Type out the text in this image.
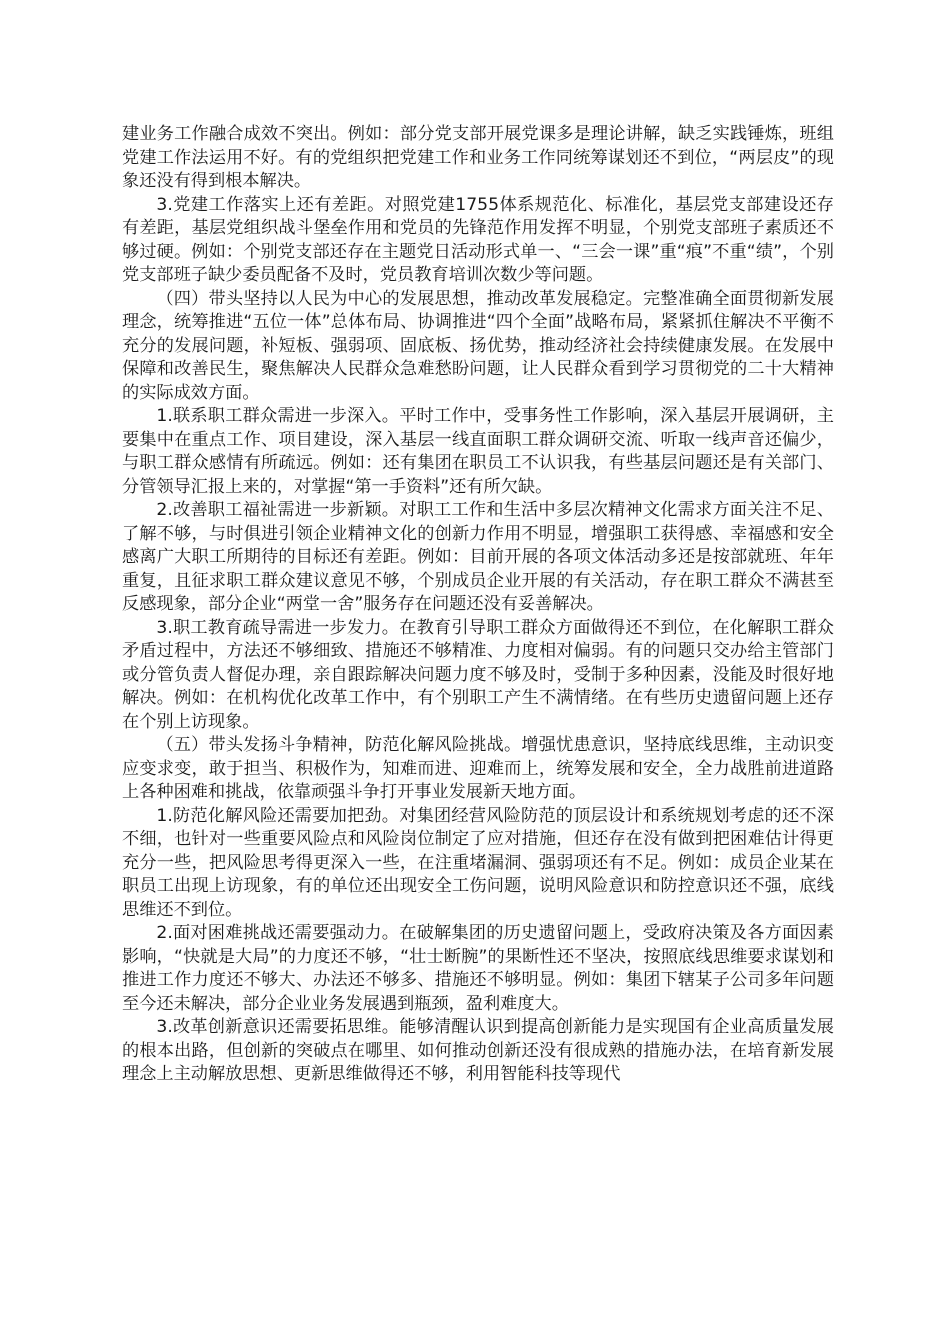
建业务工作融合成效不突出。例如：部分党支部开展党课多是理论讲解，缺乏实践锤炼，班组党建工作法运用不好。有的党组织把党建工作和业务工作同统筹谋划还不到位，“两层皮”的现象还没有得到根本解决。

3.党建工作落实上还有差距。对照党建1755体系规范化、标准化，基层党支部建设还存有差距，基层党组织战斗堡垒作用和党员的先锋范作用发挥不明显，个别党支部班子素质还不够过硬。例如：个别党支部还存在主题党日活动形式单一、“三会一课”重“痕”不重“绩”，个别党支部班子缺少委员配备不及时，党员教育培训次数少等问题。

（四）带头坚持以人民为中心的发展思想，推动改革发展稳定。完整准确全面贯彻新发展理念，统筹推进“五位一体”总体布局、协调推进“四个全面”战略布局，紧紧抓住解决不平衡不充分的发展问题，补短板、强弱项、固底板、扬优势，推动经济社会持续健康发展。在发展中保障和改善民生，聚焦解决人民群众急难愁盼问题，让人民群众看到学习贯彻党的二十大精神的实际成效方面。

1.联系职工群众需进一步深入。平时工作中，受事务性工作影响，深入基层开展调研，主要集中在重点工作、项目建设，深入基层一线直面职工群众调研交流、听取一线声音还偏少，与职工群众感情有所疏远。例如：还有集团在职员工不认识我，有些基层问题还是有关部门、分管领导汇报上来的，对掌握“第一手资料”还有所欠缺。

2.改善职工福祉需进一步新颖。对职工工作和生活中多层次精神文化需求方面关注不足、了解不够，与时俱进引领企业精神文化的创新力作用不明显，增强职工获得感、幸福感和安全感离广大职工所期待的目标还有差距。例如：目前开展的各项文体活动多还是按部就班、年年重复，且征求职工群众建议意见不够，个别成员企业开展的有关活动，存在职工群众不满甚至反感现象，部分企业“两堂一舍”服务存在问题还没有妥善解决。

3.职工教育疏导需进一步发力。在教育引导职工群众方面做得还不到位，在化解职工群众矛盾过程中，方法还不够细致、措施还不够精准、力度相对偏弱。有的问题只交办给主管部门或分管负责人督促办理，亲自跟踪解决问题力度不够及时，受制于多种因素，没能及时很好地解决。例如：在机构优化改革工作中，有个别职工产生不满情绪。在有些历史遗留问题上还存在个别上访现象。

（五）带头发扬斗争精神，防范化解风险挑战。增强忧患意识，坚持底线思维，主动识变应变求变，敢于担当、积极作为，知难而进、迎难而上，统筹发展和安全，全力战胜前进道路上各种困难和挑战，依靠顽强斗争打开事业发展新天地方面。

1.防范化解风险还需要加把劲。对集团经营风险防范的顶层设计和系统规划考虑的还不深不细，也针对一些重要风险点和风险岗位制定了应对措施，但还存在没有做到把困难估计得更充分一些，把风险思考得更深入一些，在注重堵漏洞、强弱项还有不足。例如：成员企业某在职员工出现上访现象，有的单位还出现安全工伤问题，说明风险意识和防控意识还不强，底线思维还不到位。

2.面对困难挑战还需要强动力。在破解集团的历史遗留问题上，受政府决策及各方面因素影响，“快就是大局”的力度还不够，“壮士断腕”的果断性还不坚决，按照底线思维要求谋划和推进工作力度还不够大、办法还不够多、措施还不够明显。例如：集团下辖某子公司多年问题至今还未解决，部分企业业务发展遇到瓶颈，盈利难度大。

3.改革创新意识还需要拓思维。能够清醒认识到提高创新能力是实现国有企业高质量发展的根本出路，但创新的突破点在哪里、如何推动创新还没有很成熟的措施办法，在培育新发展理念上主动解放思想、更新思维做得还不够，利用智能科技等现代
